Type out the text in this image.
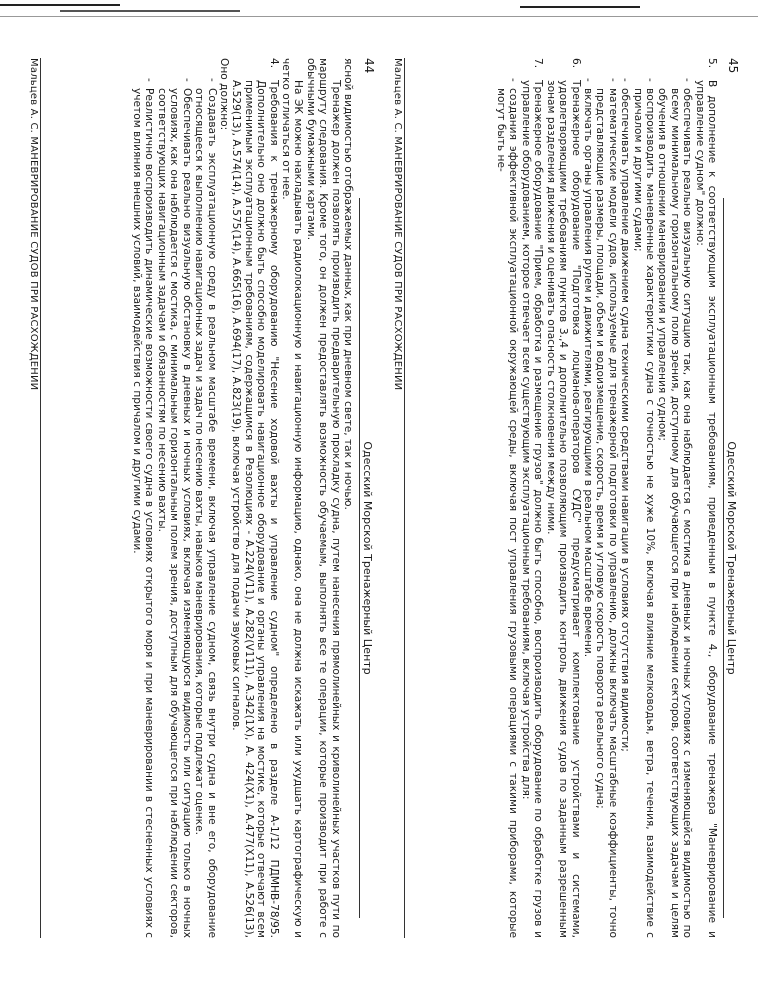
44
Одесский Морской Тренажерный Центр

ясной видимостью отображаемых данных, как при дневном свете, так и ночью.

Тренажер должен позволять производить предварительную прокладку судна, путем нанесения прямолинейных и криволинейных участков пути по маршруту следования. Кроме того, он должен предоставлять возможность обучаемым, выполнять все те операции, которые производит при работе с обычными бумажными картами.

На ЭК можно накладывать радиолокационную и навигационную информацию, однако, она не должна искажать или ухудшать картографическую и четко отличаться от нее.

4.
Требования к тренажерному оборудованию "Несение ходовой вахты и управление судном" определено в разделе А-1/12 ПДМНВ-78/95. Дополнительно оно должно быть способно моделировать навигационное оборудование и органы управления на мостике, которые отвечают всем применимым эксплуатационным требованиям, содержащимся в Резолюциях - А.224(V11), А.282(V111), А.342(1Х), А. 424(Х1), А.477(Х11), А.526(13), А.529(13), А.574(14), А.575(14), А.665(16), А.694(17), А.823(19), включая устройство для подачи звуковых сигналов.

Оно должно:

- Создавать эксплуатационную среду в реальном масштабе времени, включая управление судном, связь внутри судна и вне его, оборудование относящееся к выполнению навигационных задач и задач по несению вахты, навыков маневрирования, которые подлежат оценке.
- Обеспечивать реально визуальную обстановку в дневных и ночных условиях, включая изменяющуюся видимость или ситуацию только в ночных условиях, как она наблюдается с мостика, с минимальным горизонтальным полем зрения, доступным для обучающегося при наблюдении секторов, соответствующих навигационным задачам и обязанностям по несению вахты.
- Реалистично воспроизводить динамические возможности своего судна в условиях открытого моря и при маневрировании в стесненных условиях с учетом влияния внешних условий, взаимодействия с причалом и другими судами.
Мальцев А. С. МАНЕВРИРОВАНИЕ СУДОВ ПРИ РАСХОЖДЕНИИ	45
Одесский Морской Тренажерный Центр
5.
В дополнение к соответствующим эксплуатационным требованиям, приведенным в пункте 4., оборудование тренажера "Маневрирование и управление судном" должно:
- обеспечивать реально визуальную ситуацию так, как она наблюдается с мостика в дневных и ночных условиях с изменяющейся видимостью по всему минимальному горизонтальному полю зрения, доступному для обучающегося при наблюдении секторов, соответствующих задачам и целям обучения в отношении маневрирования и управления судном;
- воспроизводить маневренные характеристики судна с точностью не хуже 10%, включая влияние мелководья, ветра, течения, взаимодействие с причалом и другими судами;
- обеспечивать управление движением судна техническими средствами навигации в условиях отсутствия видимости;
- математические модели судов, используемые для тренажерной подготовки по управлению, должны включать масштабные коэффициенты, точно представляющие размеры, площади, объем и водоизмещение, скорость, время и угловую скорость поворота реального судна;
- включать органы управления рулем и движителями, реагирующими в реальном масштабе времени.
6.
Тренажерное оборудование "Подготовка лоцманов-операторов СУДС" предусматривает комплектование устройствами и системами, удовлетворяющими требованиям пунктов 3.,4 и дополнительно позволяющим производить контроль движения судов по заданным разрешенным зонам разделения движения и оценивать опасность столкновения между ними.
7.
Тренажерное оборудование "Прием, обработка и размещение грузов" должно быть способно, воспроизводить оборудование по обработке грузов и управление оборудованием, которое отвечает всем существующим эксплуатационным требованиям, включая устройства для:
- создания эффективной эксплуатационной окружающей среды, включая пост управления грузовыми операциями с такими приборами, которые могут быть не-
Мальцев А. С. МАНЕВРИРОВАНИЕ СУДОВ ПРИ РАСХОЖДЕНИИ
